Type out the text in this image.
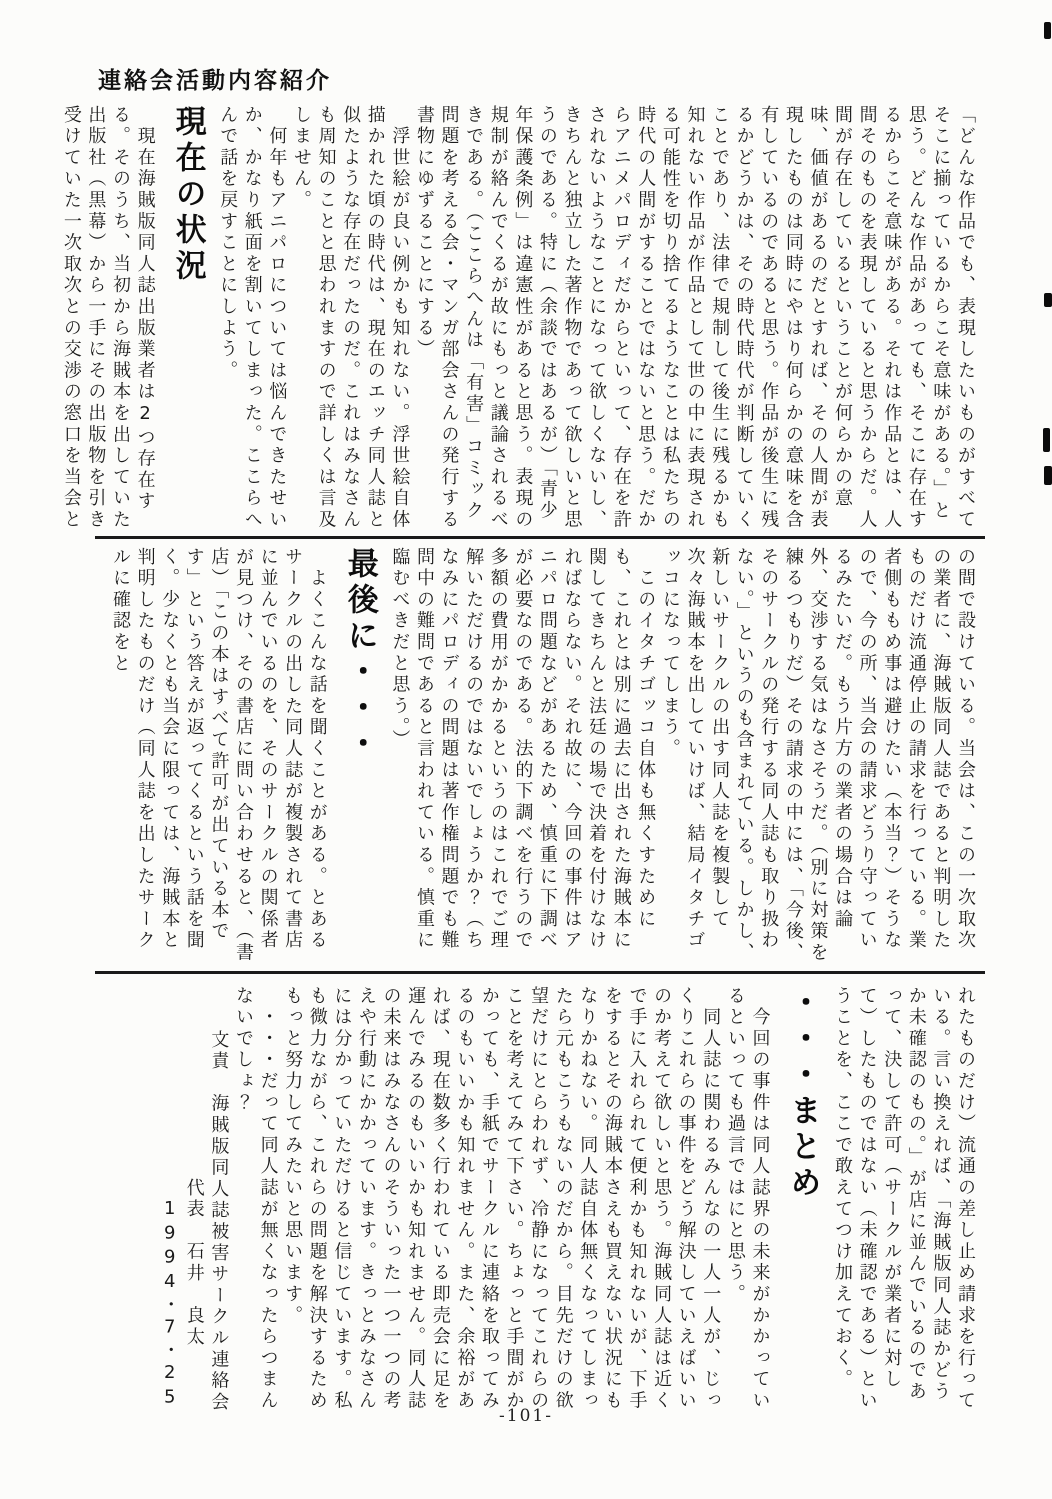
連絡会活動内容紹介

「どんな作品でも、表現したいものがすべてそこに揃っているからこそ意味がある。」と思う。どんな作品があっても、そこに存在するからこそ意味がある。それは作品とは、人間そのものを表現していると思うからだ。人間が存在しているということが何らかの意味、価値があるのだとすれば、その人間が表現したものは同時にやはり何らかの意味を含有しているのであると思う。作品が後生に残るかどうかは、その時代時代が判断していくことであり、法律で規制して後生に残るかも知れない作品が作品として世の中に表現される可能性を切り捨てるようなことは私たちの時代の人間がすることではないと思う。だからアニメパロディだからといって、存在を許されないようなことになって欲しくないし、きちんと独立した著作物であって欲しいと思うのである。特に（余談ではあるが）「青少年保護条例」は違憲性があると思う。表現の規制が絡んでくるが故にもっと議論されるべきである。（ここらへんは「有害」コミック問題を考える会・マンガ部会さんの発行する書物にゆずることにする）

　浮世絵が良い例かも知れない。浮世絵自体描かれた頃の時代は、現在のエッチ同人誌と似たような存在だったのだ。これはみなさんも周知のことと思われますので詳しくは言及しません。

　何年もアニパロについては悩んできたせいか、かなり紙面を割いてしまった。ここらへんで話を戻すことにしよう。

現在の状況

　現在海賊版同人誌出版業者は2つ存在する。そのうち、当初から海賊本を出していた出版社（黒幕）から一手にその出版物を引き受けていた一次取次との交渉の窓口を当会と

の間で設けている。当会は、この一次取次の業者に、海賊版同人誌であると判明したものだけ流通停止の請求を行っている。業者側ももめ事は避けたい（本当？）そうなので、今の所、当会の請求どうり守っているみたいだ。もう片方の業者の場合は論外、交渉する気はなさそうだ。（別に対策を練るつもりだ）その請求の中には、「今後、そのサークルの発行する同人誌も取り扱わない。」というのも含まれている。しかし、新しいサークルの出す同人誌を複製して次々海賊本を出していけば、結局イタチゴッコになってしまう。

　このイタチゴッコ自体も無くすためにも、これとは別に過去に出された海賊本に関してきちんと法廷の場で決着を付けなければならない。それ故に、今回の事件はアニパロ問題などがあるため、慎重に下調べが必要なのである。法的下調べを行うので多額の費用がかかるというのはこれでご理解いただけるのではないでしょうか？（ちなみにパロディの問題は著作権問題でも難問中の難問であると言われている。慎重に臨むべきだと思う。）

最後に・・・

　よくこんな話を聞くことがある。とあるサークルの出した同人誌が複製されて書店に並んでいるのを、そのサークルの関係者が見つけ、その書店に問い合わせると、（書店）「この本はすべて許可が出ている本です」という答えが返ってくるという話を聞く。少なくとも当会に限っては、海賊本と判明したものだけ（同人誌を出したサークルに確認をと

れたものだけ）流通の差し止め請求を行っている。言い換えれば、「海賊版同人誌かどうか未確認のもの。」が店に並んでいるのであって、決して許可（サークルが業者に対して）したものではない（未確認である）ということを、ここで敢えてつけ加えておく。

・・・まとめ

　今回の事件は同人誌界の未来がかかっているといっても過言ではにと思う。

　同人誌に関わるみんなの一人一人が、じっくりこれらの事件をどう解決していえばいいのか考えて欲しいと思う。海賊同人誌は近くで手に入れられて便利かも知れないが、下手をするとその海賊本さえも買えない状況にもなりかねない。同人誌自体無くなってしまったら元もこうもないのだから。目先だけの欲望だけにとらわれず、冷静になってこれらのことを考えてみて下さい。ちょっと手間がかかっても、手紙でサークルに連絡を取ってみるのもいいかも知れません。また、余裕があれば、現在数多く行われている即売会に足を運んでみるのもいいかも知れません。同人誌の未来はみなさんのそういった一つ一つの考えや行動にかかっています。きっとみなさんには分かっていただけると信じています。私も微力ながら、これらの問題を解決するためもっと努力してみたいと思います。

　・・・だって同人誌が無くなったらつまんないでしょ？

文責　海賊版同人誌被害サークル連絡会

代表　石井　良太

1994・7・25

-101-
